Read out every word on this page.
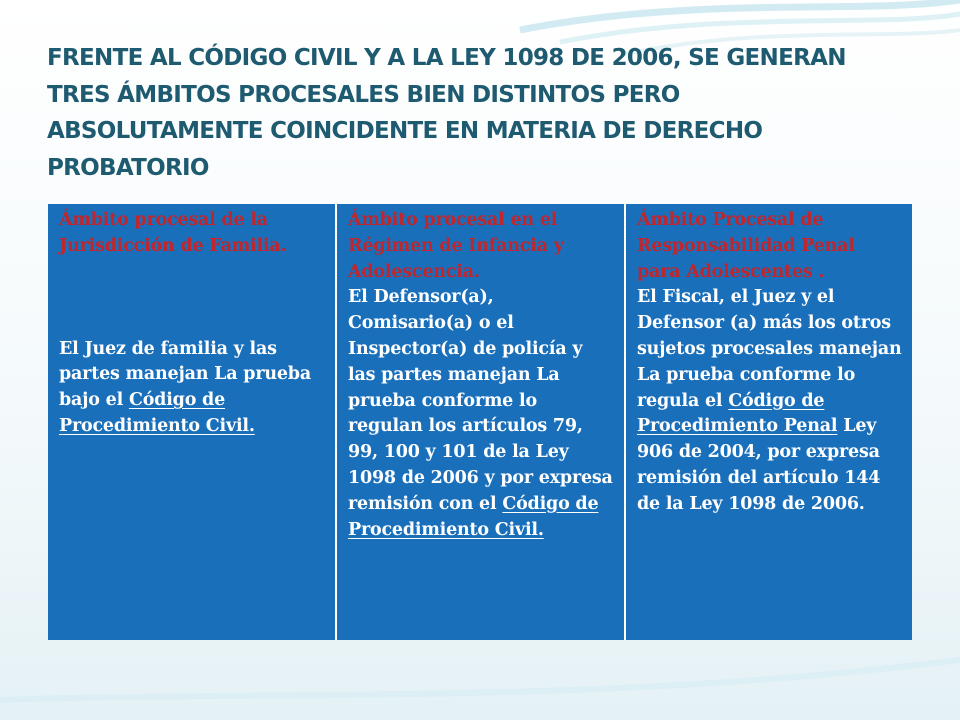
FRENTE AL CÓDIGO CIVIL Y A LA LEY 1098 DE 2006, SE GENERAN
TRES ÁMBITOS PROCESALES BIEN DISTINTOS PERO
ABSOLUTAMENTE COINCIDENTE EN MATERIA DE DERECHO
PROBATORIO
Ámbito procesal de la Jurisdicción de Familia.
El Juez de familia y las partes manejan La prueba bajo el Código de Procedimiento Civil.
Ámbito procesal en el Régimen de Infancia y Adolescencia.
El Defensor(a), Comisario(a) o el Inspector(a) de policía y las partes manejan La prueba conforme lo regulan los artículos 79, 99, 100 y 101 de la Ley 1098 de 2006 y por expresa remisión con el Código de Procedimiento Civil.
Ámbito Procesal de Responsabilidad Penal para Adolescentes .
El Fiscal, el Juez y el Defensor (a) más los otros sujetos procesales manejan La prueba conforme lo regula el Código de Procedimiento Penal Ley 906 de 2004, por expresa remisión del artículo 144 de la Ley 1098 de 2006.
